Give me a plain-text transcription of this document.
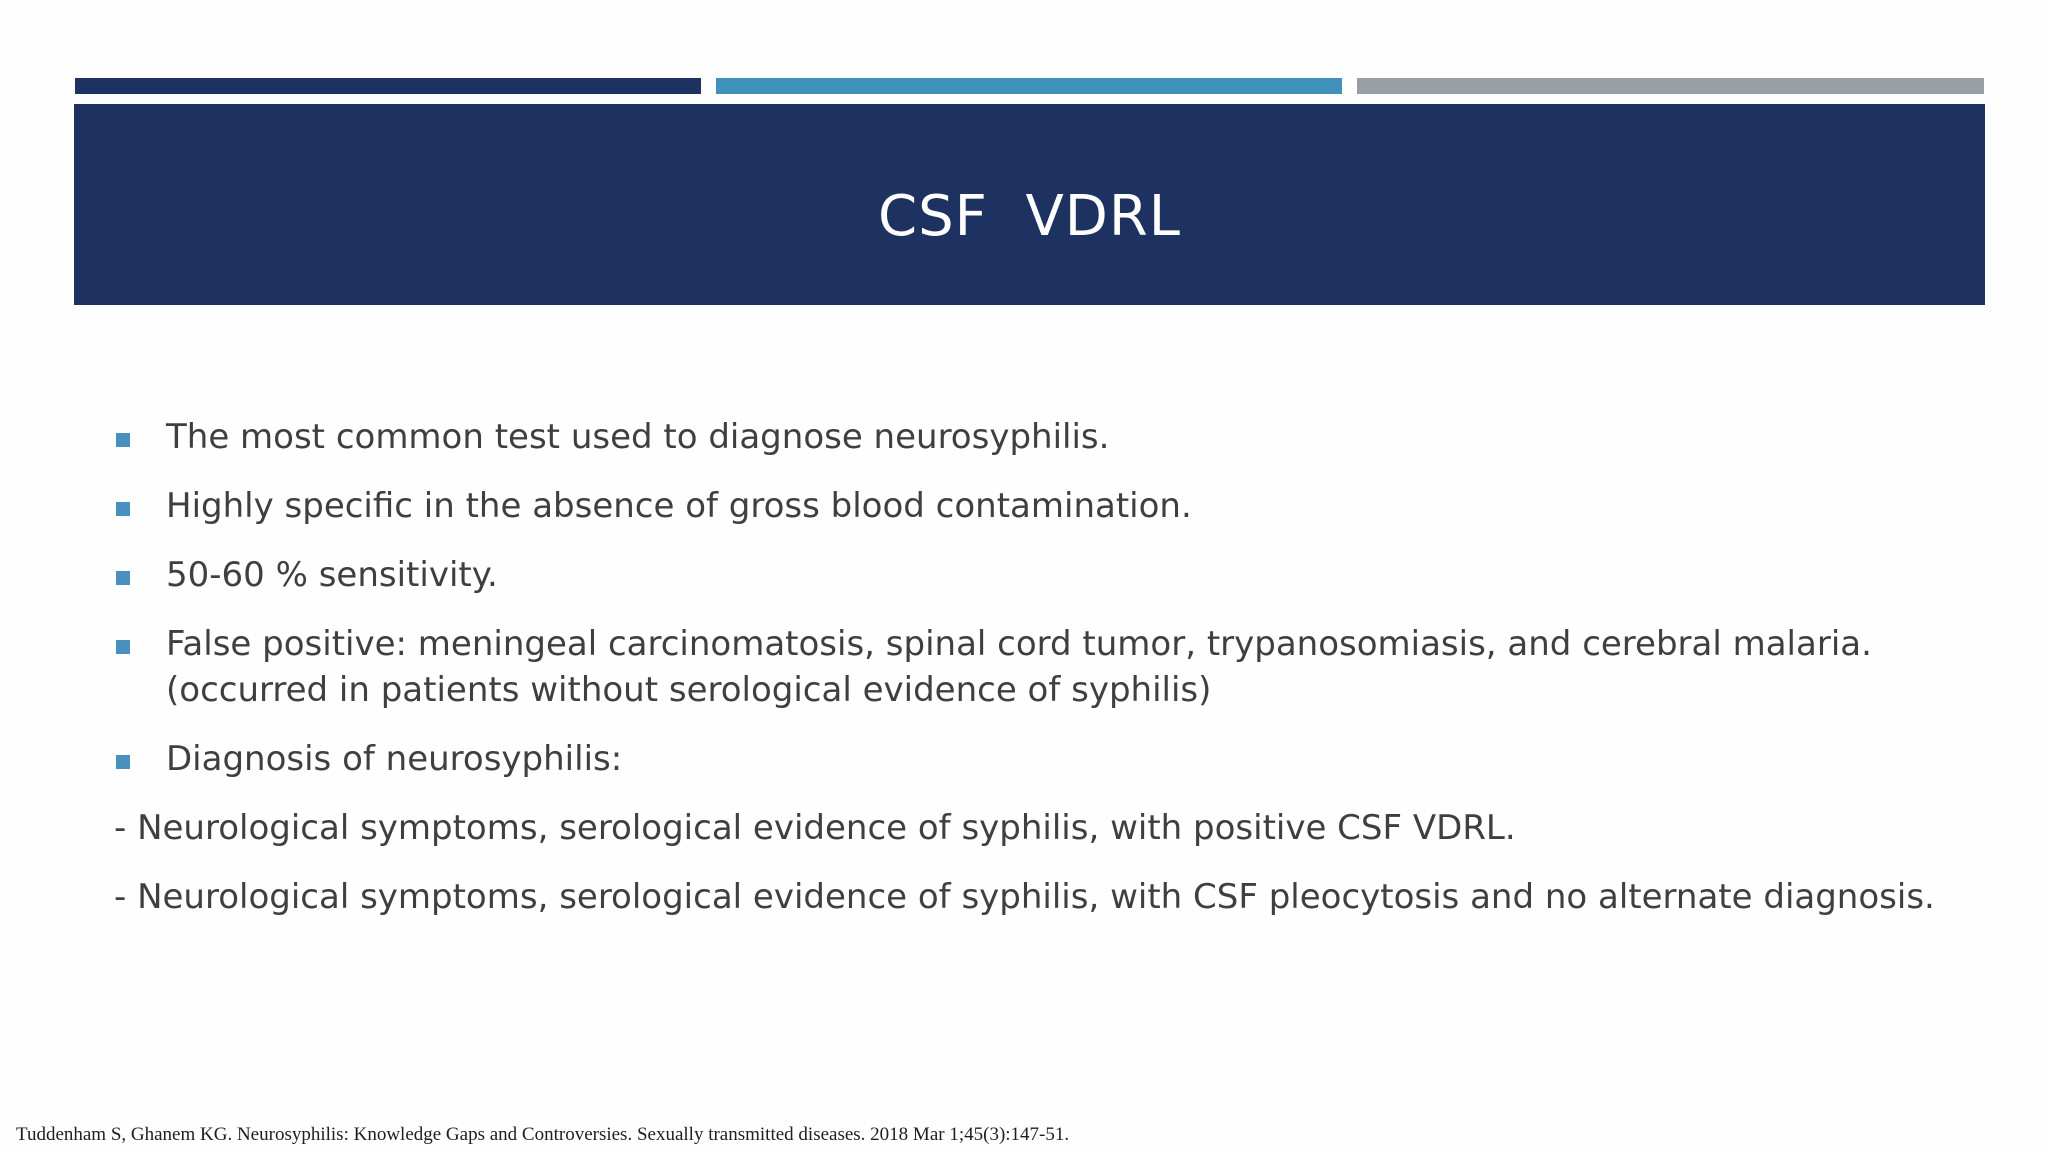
CSF  VDRL
The most common test used to diagnose neurosyphilis.
Highly specific in the absence of gross blood contamination.
50-60 % sensitivity.
False positive: meningeal carcinomatosis, spinal cord tumor, trypanosomiasis, and cerebral malaria.
(occurred in patients without serological evidence of syphilis)
Diagnosis of neurosyphilis:
- Neurological symptoms, serological evidence of syphilis, with positive CSF VDRL.
- Neurological symptoms, serological evidence of syphilis, with CSF pleocytosis and no alternate diagnosis.
Tuddenham S, Ghanem KG. Neurosyphilis: Knowledge Gaps and Controversies. Sexually transmitted diseases. 2018 Mar 1;45(3):147-51.
